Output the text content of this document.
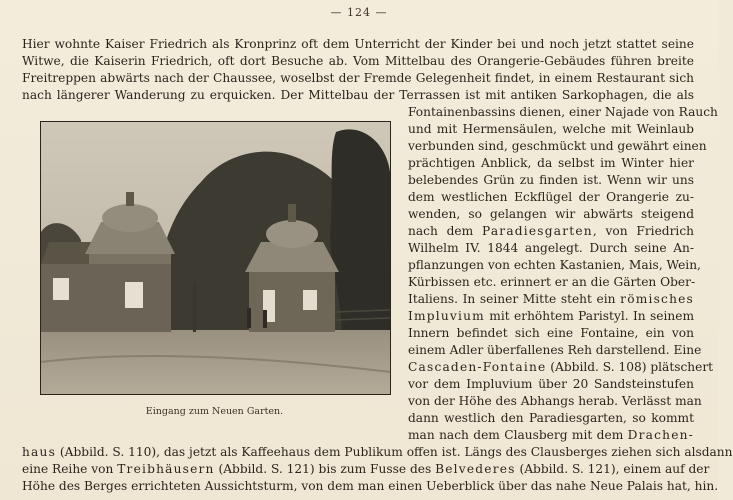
— 124 —
Hier wohnte Kaiser Friedrich als Kronprinz oft dem Unterricht der Kinder bei und noch jetzt stattet seine
Witwe, die Kaiserin Friedrich, oft dort Besuche ab. Vom Mittelbau des Orangerie-Gebäudes führen breite
Freitreppen abwärts nach der Chaussee, woselbst der Fremde Gelegenheit findet, in einem Restaurant sich
nach längerer Wanderung zu erquicken. Der Mittelbau der Terrassen ist mit antiken Sarkophagen, die als
Fontainenbassins dienen, einer Najade von Rauch
und mit Hermensäulen, welche mit Weinlaub
verbunden sind, geschmückt und gewährt einen
prächtigen Anblick, da selbst im Winter hier
belebendes Grün zu finden ist. Wenn wir uns
dem westlichen Eckflügel der Orangerie zu-
wenden, so gelangen wir abwärts steigend
nach dem Paradiesgarten, von Friedrich
Wilhelm IV. 1844 angelegt. Durch seine An-
pflanzungen von echten Kastanien, Mais, Wein,
Kürbissen etc. erinnert er an die Gärten Ober-
Italiens. In seiner Mitte steht ein römisches
Impluvium mit erhöhtem Paristyl. In seinem
Innern befindet sich eine Fontaine, ein von
einem Adler überfallenes Reh darstellend. Eine
Cascaden-Fontaine (Abbild. S. 108) plätschert
vor dem Impluvium über 20 Sandsteinstufen
von der Höhe des Abhangs herab. Verlässt man
dann westlich den Paradiesgarten, so kommt
man nach dem Clausberg mit dem Drachen-
haus (Abbild. S. 110), das jetzt als Kaffeehaus dem Publikum offen ist. Längs des Clausberges ziehen sich alsdann
eine Reihe von Treibhäusern (Abbild. S. 121) bis zum Fusse des Belvederes (Abbild. S. 121), einem auf der
Höhe des Berges errichteten Aussichtsturm, von dem man einen Ueberblick über das nahe Neue Palais hat, hin.
Eingang zum Neuen Garten.
